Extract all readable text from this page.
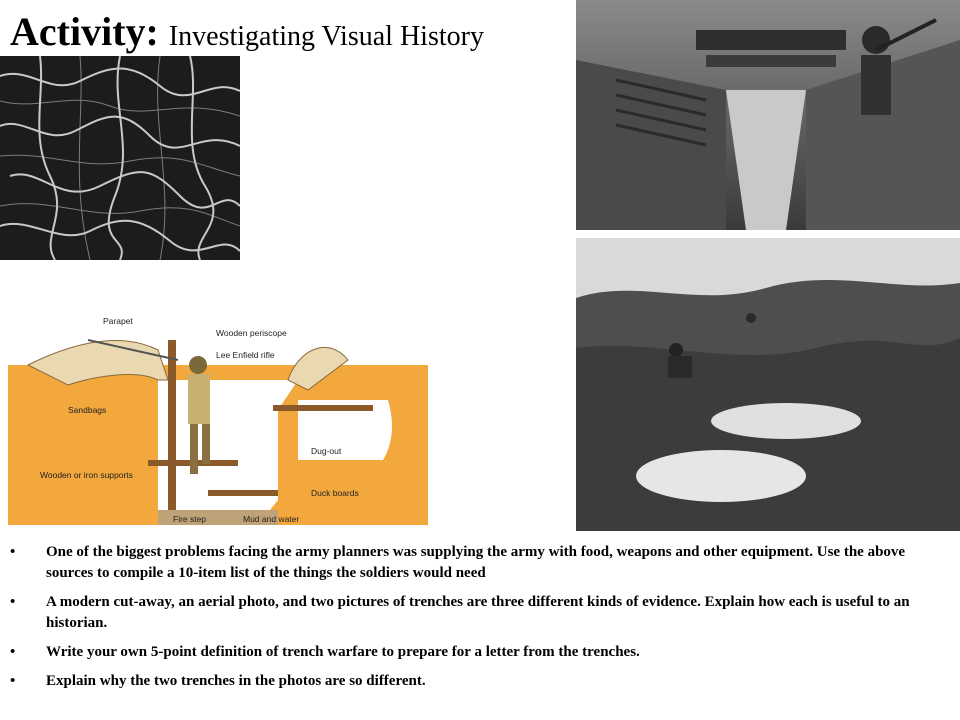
Activity: Investigating Visual History
Parapet
Wooden periscope
Lee Enfield rifle
Sandbags
Wooden or iron supports
Dug-out
Duck boards
Fire step	Mud and water
• One of the biggest problems facing the army planners was supplying the army with food, weapons and other equipment. Use the above sources to compile a 10-item list of the things the soldiers would need
• A modern cut-away, an aerial photo, and two pictures of trenches are three different kinds of evidence. Explain how each is useful to an historian.
• Write your own 5-point definition of trench warfare to prepare for a letter from the trenches.
• Explain why the two trenches in the photos are so different.
